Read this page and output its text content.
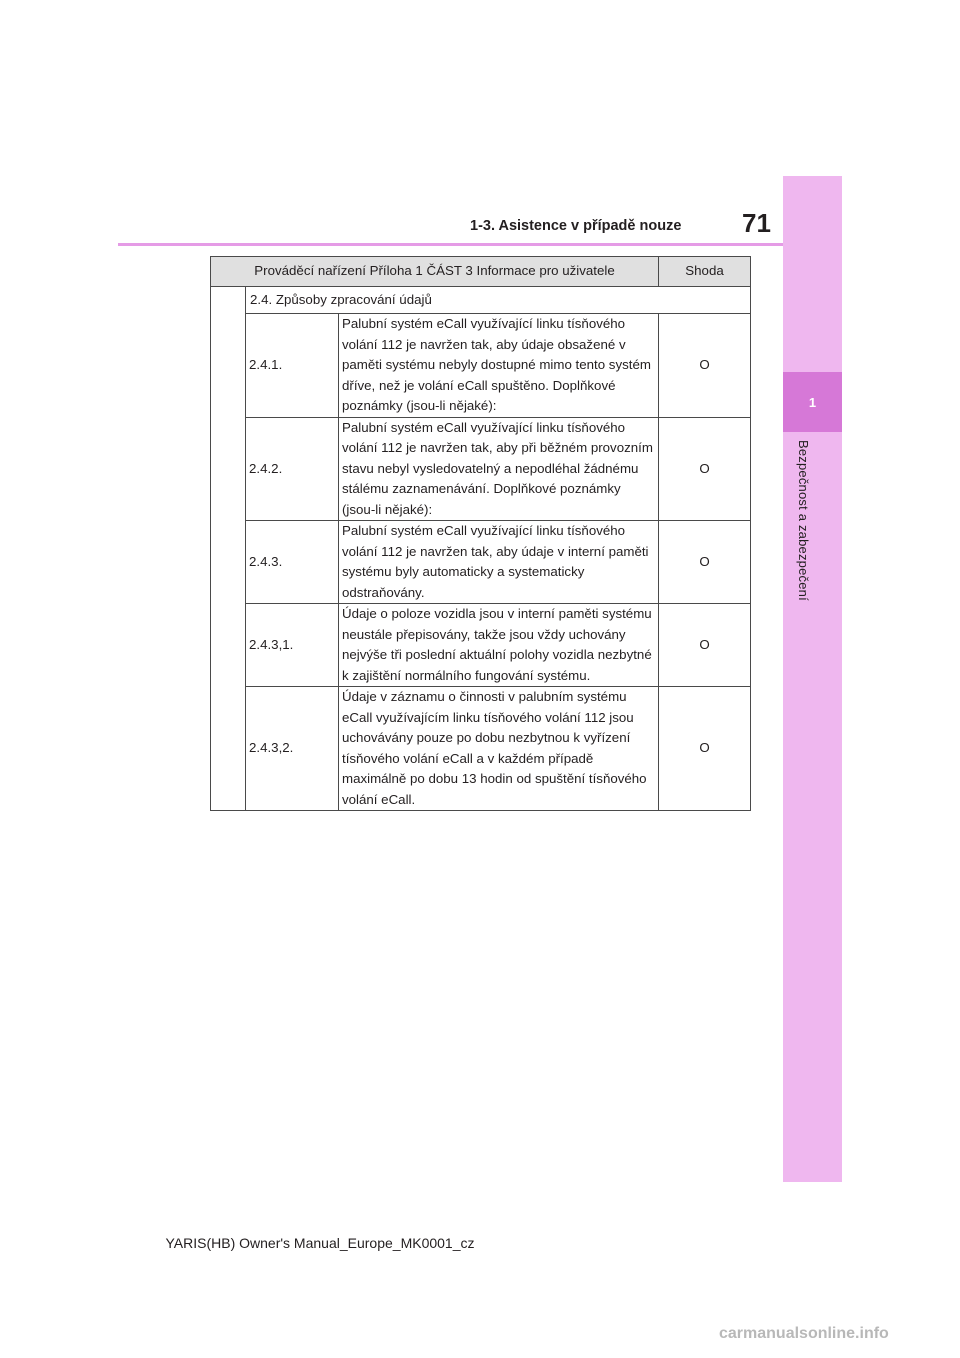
1-3. Asistence v případě nouze 71
1
Bezpečnost a zabezpečení
Prováděcí nařízení Příloha 1 ČÁST 3 Informace pro uživatele			Shoda
	2.4. Způsoby zpracování údajů		
	2.4.1.	Palubní systém eCall využívající linku tísňového volání 112 je navržen tak, aby údaje obsažené v paměti systému nebyly dostupné mimo tento systém dříve, než je volání eCall spuštěno. Doplňkové poznámky (jsou-li nějaké):	O
	2.4.2.	Palubní systém eCall využívající linku tísňového volání 112 je navržen tak, aby při běžném provozním stavu nebyl vysledovatelný a nepodléhal žádnému stálému zaznamenávání. Doplňkové poznámky (jsou-li nějaké):	O
	2.4.3.	Palubní systém eCall využívající linku tísňového volání 112 je navržen tak, aby údaje v interní paměti systému byly automaticky a systematicky odstraňovány.	O
	2.4.3,1.	Údaje o poloze vozidla jsou v interní paměti systému neustále přepisovány, takže jsou vždy uchovány nejvýše tři poslední aktuální polohy vozidla nezbytné k zajištění normálního fungování systému.	O
	2.4.3,2.	Údaje v záznamu o činnosti v palubním systému eCall využívajícím linku tísňového volání 112 jsou uchovávány pouze po dobu nezbytnou k vyřízení tísňového volání eCall a v každém případě maximálně po dobu 13 hodin od spuštění tísňového volání eCall.	O
YARIS(HB) Owner's Manual_Europe_MK0001_cz
carmanualsonline.info
